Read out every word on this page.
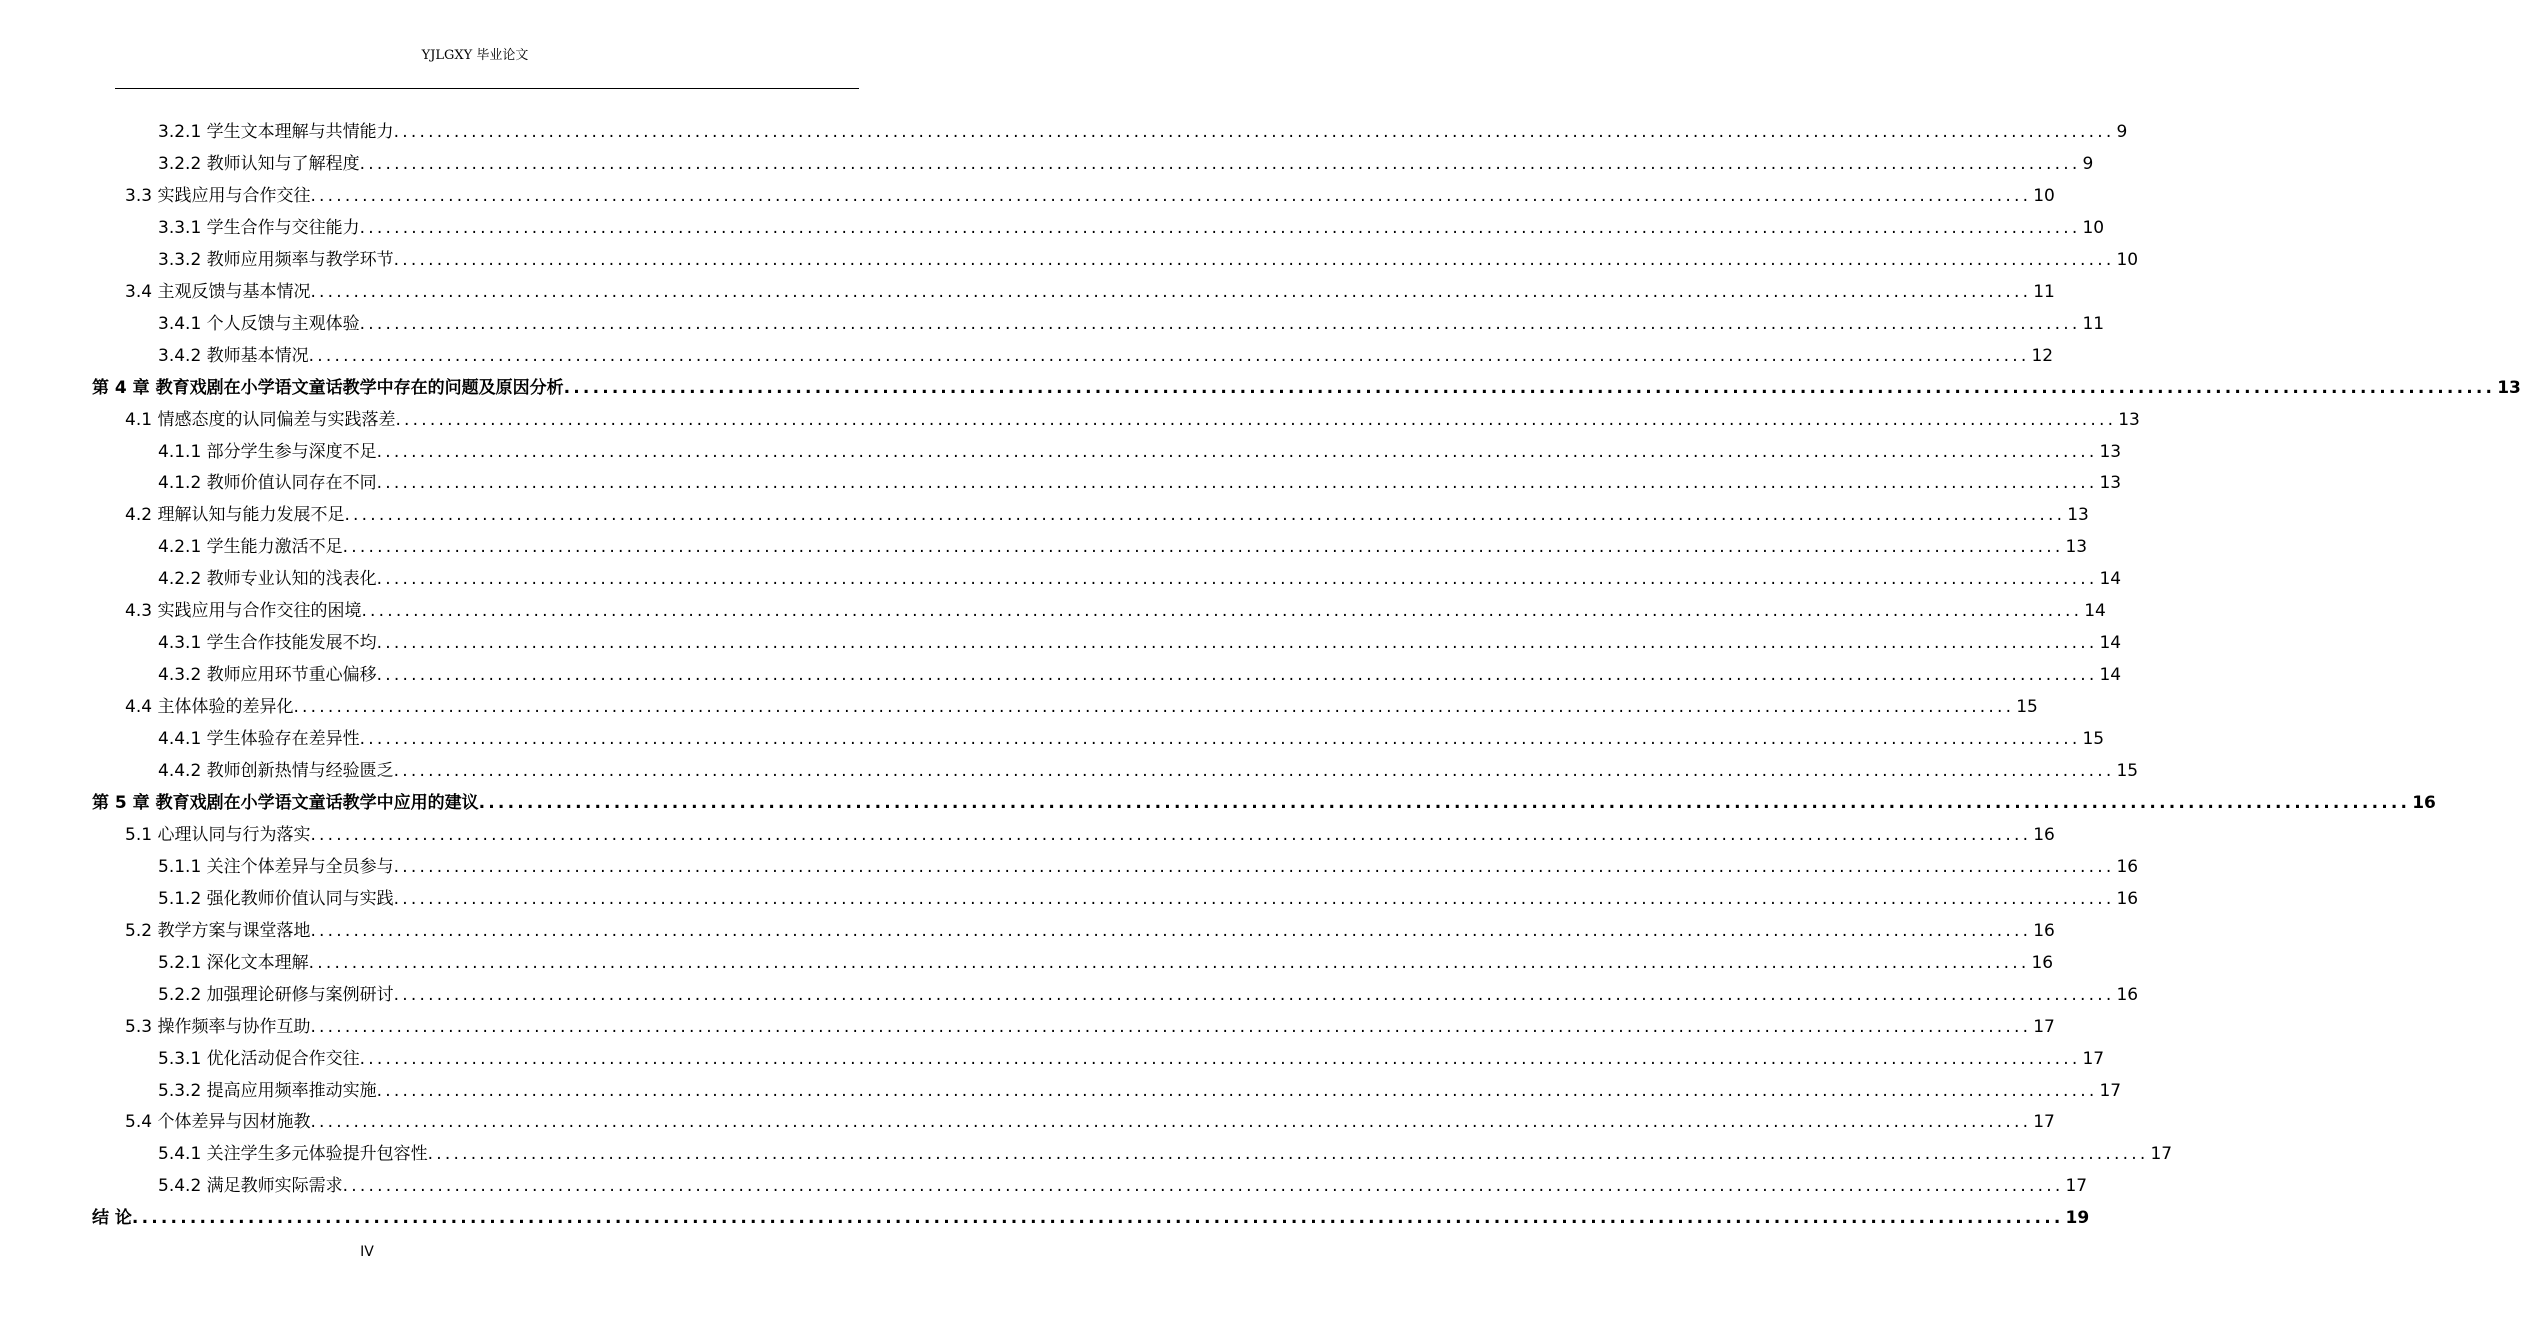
YJLGXY 毕业论文
3.2.1 学生文本理解与共情能力 ........................................................................................................................................................................................................ 9
3.2.2 教师认知与了解程度 ........................................................................................................................................................................................................ 9
3.3 实践应用与合作交往 ........................................................................................................................................................................................................ 10
3.3.1 学生合作与交往能力 ........................................................................................................................................................................................................ 10
3.3.2 教师应用频率与教学环节 ........................................................................................................................................................................................................ 10
3.4 主观反馈与基本情况 ........................................................................................................................................................................................................ 11
3.4.1 个人反馈与主观体验 ........................................................................................................................................................................................................ 11
3.4.2 教师基本情况 ........................................................................................................................................................................................................ 12
第 4 章 教育戏剧在小学语文童话教学中存在的问题及原因分析 ........................................................................................................................................................................................................ 13
4.1 情感态度的认同偏差与实践落差 ........................................................................................................................................................................................................ 13
4.1.1 部分学生参与深度不足 ........................................................................................................................................................................................................ 13
4.1.2 教师价值认同存在不同 ........................................................................................................................................................................................................ 13
4.2 理解认知与能力发展不足 ........................................................................................................................................................................................................ 13
4.2.1 学生能力激活不足 ........................................................................................................................................................................................................ 13
4.2.2 教师专业认知的浅表化 ........................................................................................................................................................................................................ 14
4.3 实践应用与合作交往的困境 ........................................................................................................................................................................................................ 14
4.3.1 学生合作技能发展不均 ........................................................................................................................................................................................................ 14
4.3.2 教师应用环节重心偏移 ........................................................................................................................................................................................................ 14
4.4 主体体验的差异化 ........................................................................................................................................................................................................ 15
4.4.1 学生体验存在差异性 ........................................................................................................................................................................................................ 15
4.4.2 教师创新热情与经验匮乏 ........................................................................................................................................................................................................ 15
第 5 章 教育戏剧在小学语文童话教学中应用的建议 ........................................................................................................................................................................................................ 16
5.1 心理认同与行为落实 ........................................................................................................................................................................................................ 16
5.1.1 关注个体差异与全员参与 ........................................................................................................................................................................................................ 16
5.1.2 强化教师价值认同与实践 ........................................................................................................................................................................................................ 16
5.2 教学方案与课堂落地 ........................................................................................................................................................................................................ 16
5.2.1 深化文本理解 ........................................................................................................................................................................................................ 16
5.2.2 加强理论研修与案例研讨 ........................................................................................................................................................................................................ 16
5.3 操作频率与协作互助 ........................................................................................................................................................................................................ 17
5.3.1 优化活动促合作交往 ........................................................................................................................................................................................................ 17
5.3.2 提高应用频率推动实施 ........................................................................................................................................................................................................ 17
5.4 个体差异与因材施教 ........................................................................................................................................................................................................ 17
5.4.1 关注学生多元体验提升包容性 ........................................................................................................................................................................................................ 17
5.4.2 满足教师实际需求 ........................................................................................................................................................................................................ 17
结 论 ........................................................................................................................................................................................................ 19
IV
